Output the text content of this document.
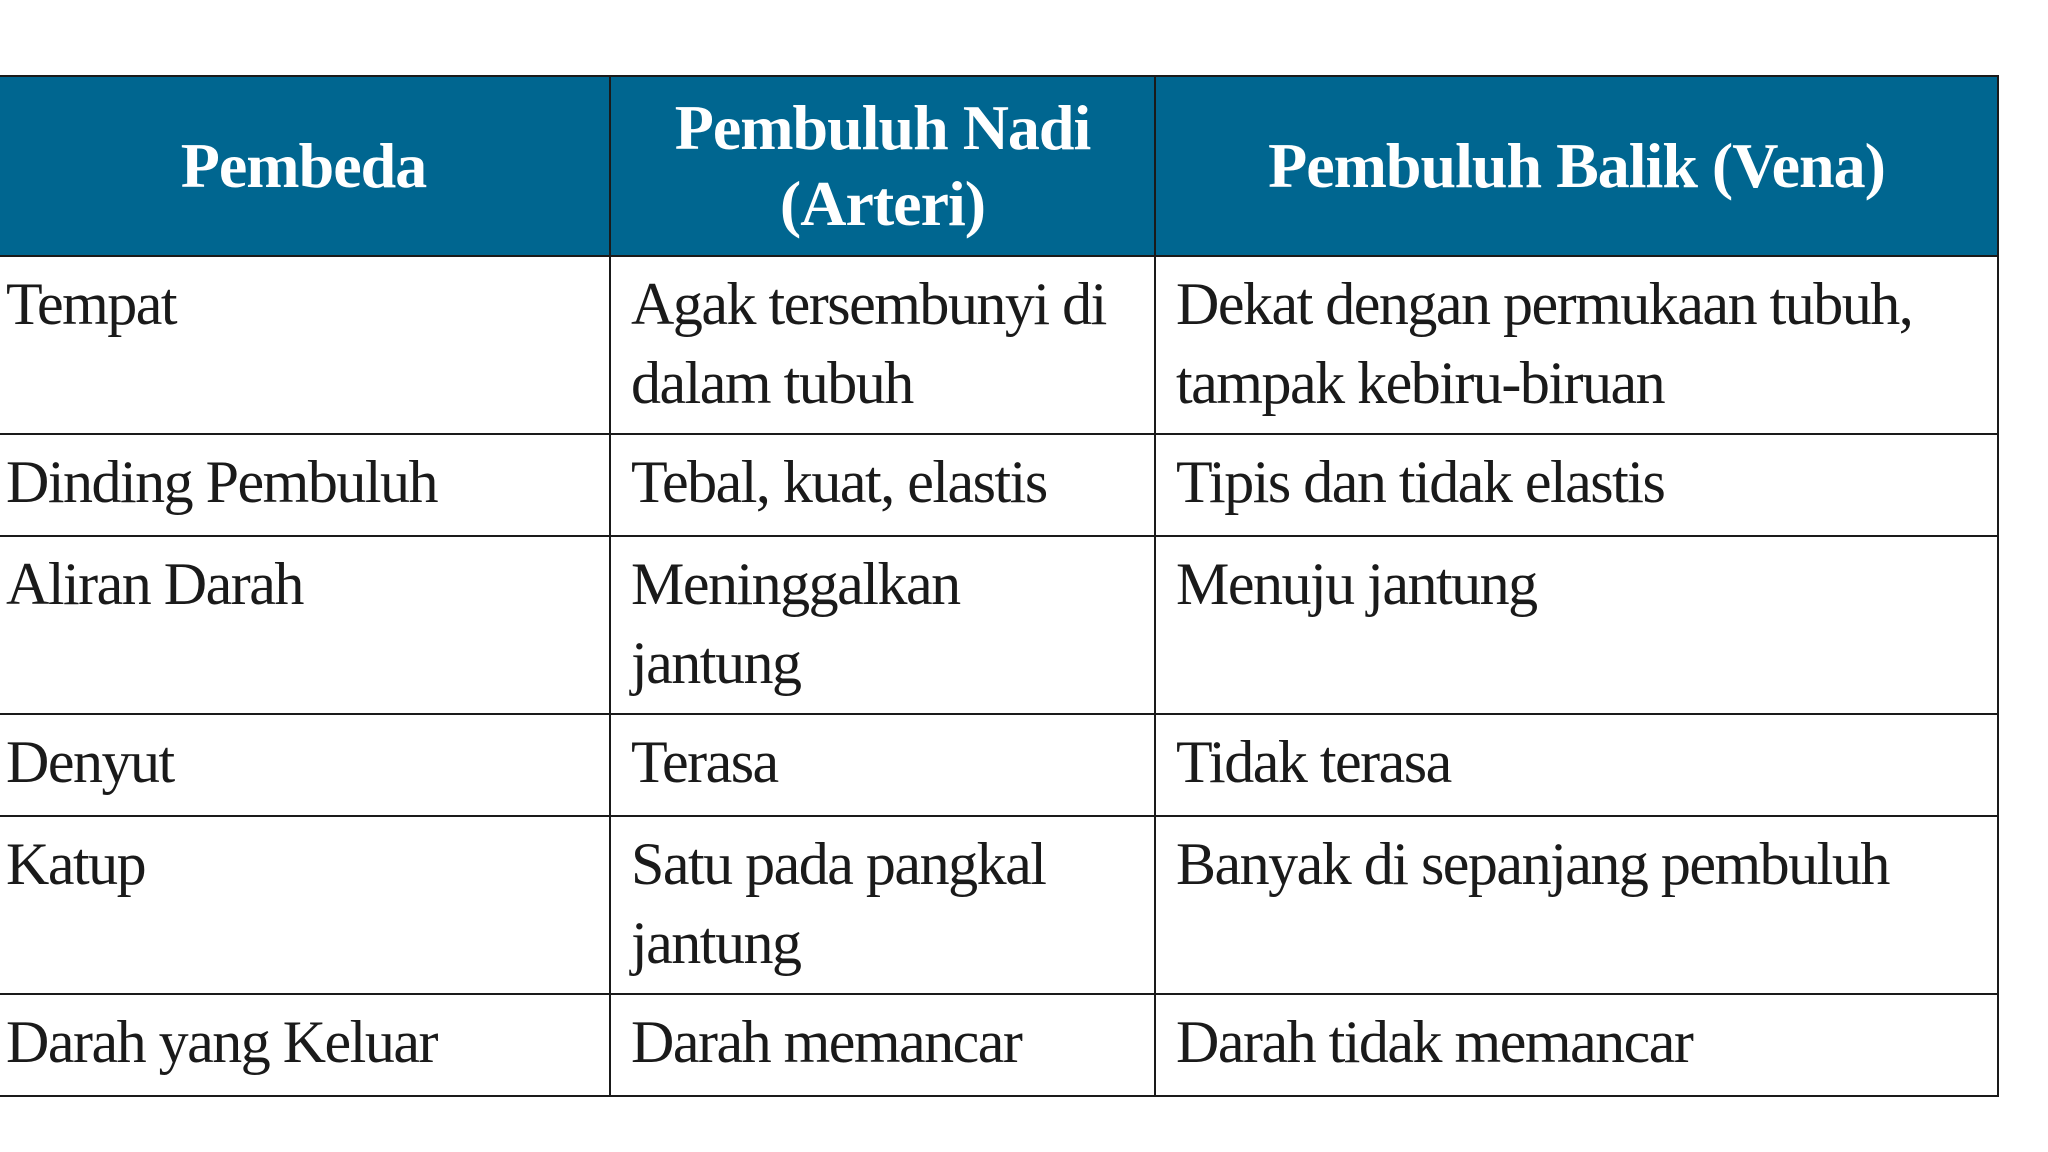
Pembeda	Pembuluh Nadi (Arteri)	Pembuluh Balik (Vena)
Tempat	Agak tersembunyi di dalam tubuh	Dekat dengan permukaan tubuh, tampak kebiru-biruan
Dinding Pembuluh	Tebal, kuat, elastis	Tipis dan tidak elastis
Aliran Darah	Meninggalkan jantung	Menuju jantung
Denyut	Terasa	Tidak terasa
Katup	Satu pada pangkal jantung	Banyak di sepanjang pembuluh
Darah yang Keluar	Darah memancar	Darah tidak memancar
